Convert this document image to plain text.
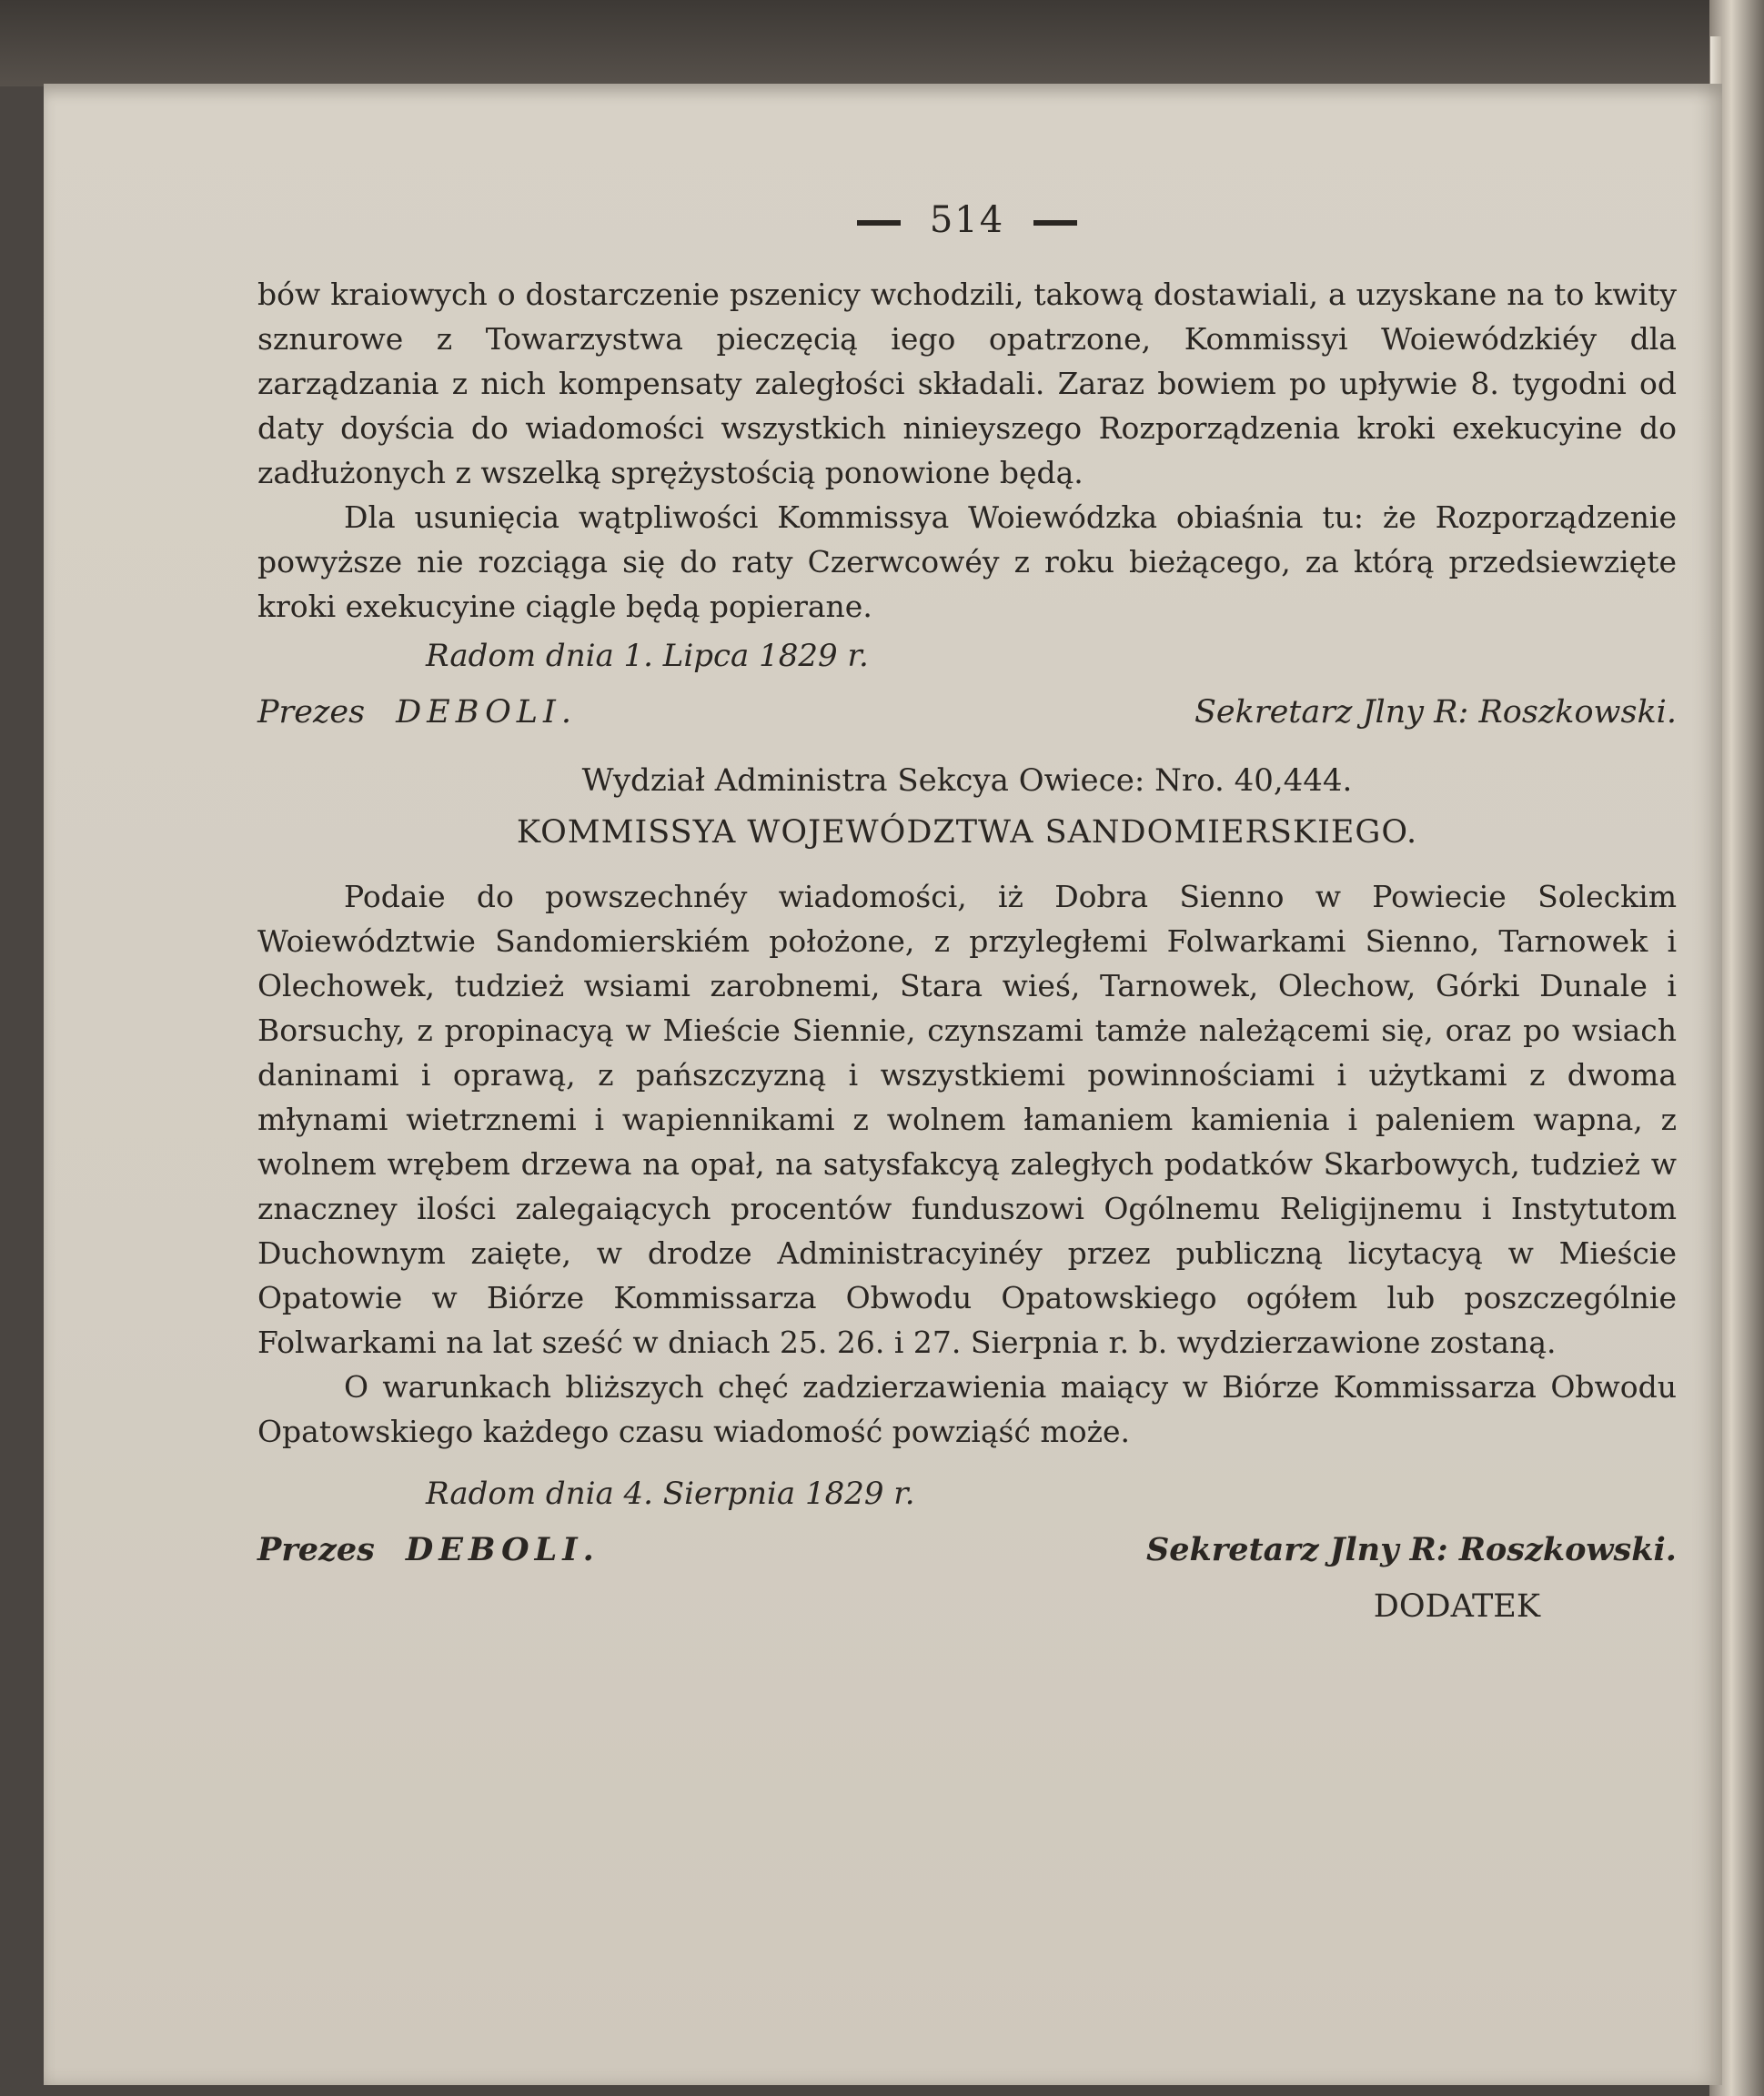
514

bów kraiowych o dostarczenie pszenicy wchodzili, takową dostawiali, a uzyskane na to kwity sznurowe z Towarzystwa pieczęcią iego opatrzone, Kommissyi Woiewódzkiéy dla zarządzania z nich kompensaty zaległości składali. Zaraz bowiem po upływie 8. tygodni od daty doyścia do wiadomości wszystkich ninieyszego Rozporządzenia kroki exekucyine do zadłużonych z wszelką sprężystością ponowione będą.

Dla usunięcia wątpliwości Kommissya Woiewódzka obiaśnia tu: że Rozporządzenie powyższe nie rozciąga się do raty Czerwcowéy z roku bieżącego, za którą przedsiewzięte kroki exekucyine ciągle będą popierane.

Radom dnia 1. Lipca 1829 r.
Prezes DEBOLI.	Sekretarz Jlny R: Roszkowski.
Wydział Administra Sekcya Owiece: Nro. 40,444.
KOMMISSYA WOJEWÓDZTWA SANDOMIERSKIEGO.

Podaie do powszechnéy wiadomości, iż Dobra Sienno w Powiecie Soleckim Woiewództwie Sandomierskiém położone, z przyległemi Folwarkami Sienno, Tarnowek i Olechowek, tudzież wsiami zarobnemi, Stara wieś, Tarnowek, Olechow, Górki Dunale i Borsuchy, z propinacyą w Mieście Siennie, czynszami tamże należącemi się, oraz po wsiach daninami i oprawą, z pańszczyzną i wszystkiemi powinnościami i użytkami z dwoma młynami wietrznemi i wapiennikami z wolnem łamaniem kamienia i paleniem wapna, z wolnem wrębem drzewa na opał, na satysfakcyą zaległych podatków Skarbowych, tudzież w znaczney ilości zalegaiących procentów funduszowi Ogólnemu Religijnemu i Instytutom Duchownym zaięte, w drodze Administracyinéy przez publiczną licytacyą w Mieście Opatowie w Biórze Kommissarza Obwodu Opatowskiego ogółem lub poszczególnie Folwarkami na lat sześć w dniach 25. 26. i 27. Sierpnia r. b. wydzierzawione zostaną.

O warunkach bliższych chęć zadzierzawienia maiący w Biórze Kommissarza Obwodu Opatowskiego każdego czasu wiadomość powziąść może.

Radom dnia 4. Sierpnia 1829 r.
Prezes DEBOLI.	Sekretarz Jlny R: Roszkowski.
DODATEK
